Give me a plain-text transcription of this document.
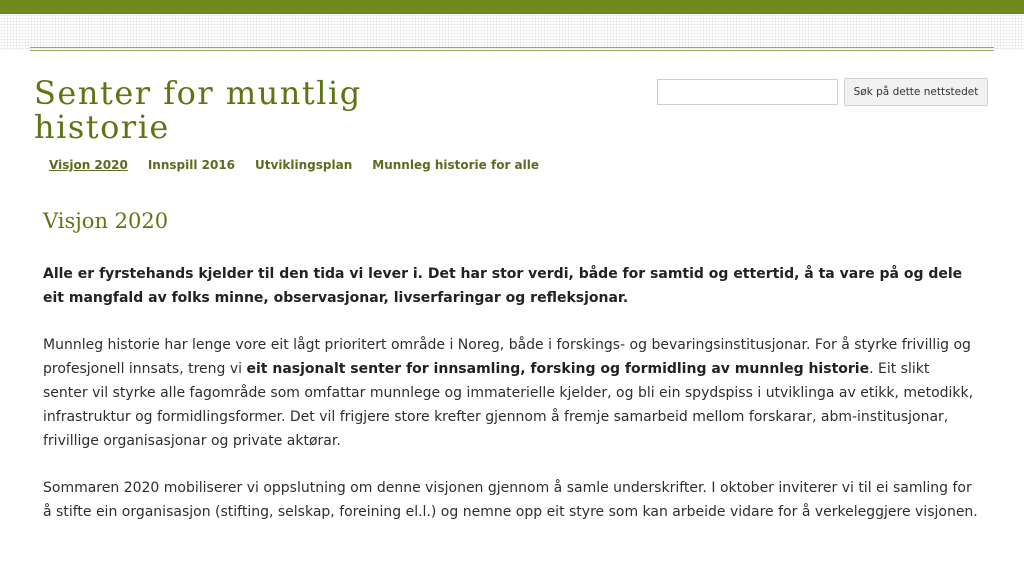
Senter for muntlig
historie
Søk på dette nettstedet
Visjon 2020 Innspill 2016 Utviklingsplan Munnleg historie for alle
Visjon 2020

Alle er fyrstehands kjelder til den tida vi lever i. Det har stor verdi, både for samtid og ettertid, å ta vare på og dele eit mangfald av folks minne, observasjonar, livserfaringar og refleksjonar.

Munnleg historie har lenge vore eit lågt prioritert område i Noreg, både i forskings- og bevaringsinstitusjonar. For å styrke frivillig og profesjonell innsats, treng vi eit nasjonalt senter for innsamling, forsking og formidling av munnleg historie. Eit slikt senter vil styrke alle fagområde som omfattar munnlege og immaterielle kjelder, og bli ein spydspiss i utviklinga av etikk, metodikk, infrastruktur og formidlingsformer. Det vil frigjere store krefter gjennom å fremje samarbeid mellom forskarar, abm-institusjonar, frivillige organisasjonar og private aktørar.

Sommaren 2020 mobiliserer vi oppslutning om denne visjonen gjennom å samle underskrifter. I oktober inviterer vi til ei samling for å stifte ein organisasjon (stifting, selskap, foreining el.l.) og nemne opp eit styre som kan arbeide vidare for å verkeleggjere visjonen.
